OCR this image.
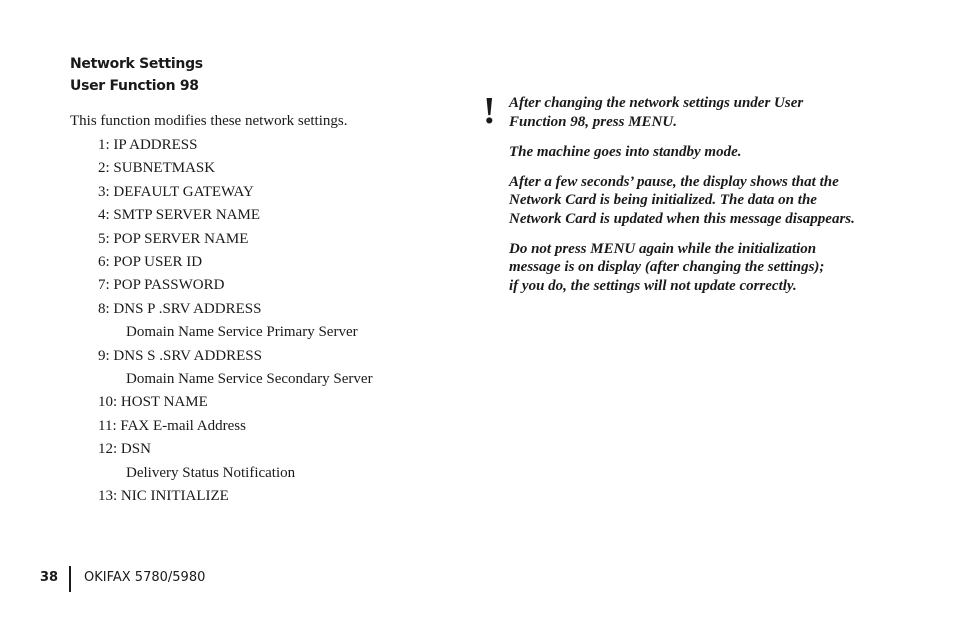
Network Settings
User Function 98
This function modifies these network settings.
1: IP ADDRESS
2: SUBNETMASK
3: DEFAULT GATEWAY
4: SMTP SERVER NAME
5: POP SERVER NAME
6: POP USER ID
7: POP PASSWORD
8: DNS P .SRV ADDRESS
Domain Name Service Primary Server
9: DNS S .SRV ADDRESS
Domain Name Service Secondary Server
10: HOST NAME
11: FAX E-mail Address
12: DSN
Delivery Status Notification
13: NIC INITIALIZE
! After changing the network settings under User
Function 98, press MENU.

The machine goes into standby mode.

After a few seconds’ pause, the display shows that the
Network Card is being initialized. The data on the
Network Card is updated when this message disappears.

Do not press MENU again while the initialization
message is on display (after changing the settings);
if you do, the settings will not update correctly.

38 OKIFAX 5780/5980
